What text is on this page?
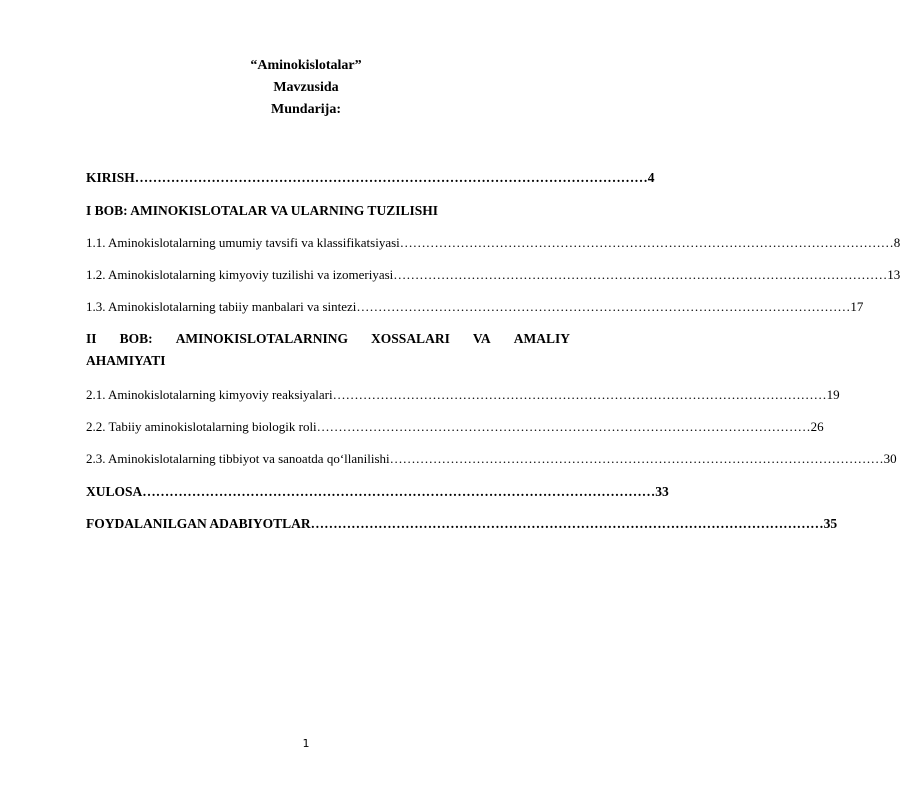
“Aminokislotalar”
Mavzusida
Mundarija:
KIRISH …………………………………………………………………………………………………… 4
I BOB: AMINOKISLOTALAR VA ULARNING TUZILISHI
1.1. Aminokislotalarning umumiy tavsifi va klassifikatsiyasi …………………………………………………………………………………………………… 8
1.2. Aminokislotalarning kimyoviy tuzilishi va izomeriyasi …………………………………………………………………………………………………… 13
1.3. Aminokislotalarning tabiiy manbalari va sintezi …………………………………………………………………………………………………… 17
II BOB: AMINOKISLOTALARNING XOSSALARI VA AMALIY
AHAMIYATI
2.1. Aminokislotalarning kimyoviy reaksiyalari …………………………………………………………………………………………………… 19
2.2. Tabiiy aminokislotalarning biologik roli …………………………………………………………………………………………………… 26
2.3. Aminokislotalarning tibbiyot va sanoatda qo‘llanilishi …………………………………………………………………………………………………… 30
XULOSA …………………………………………………………………………………………………… 33
FOYDALANILGAN ADABIYOTLAR …………………………………………………………………………………………………… 35
1
